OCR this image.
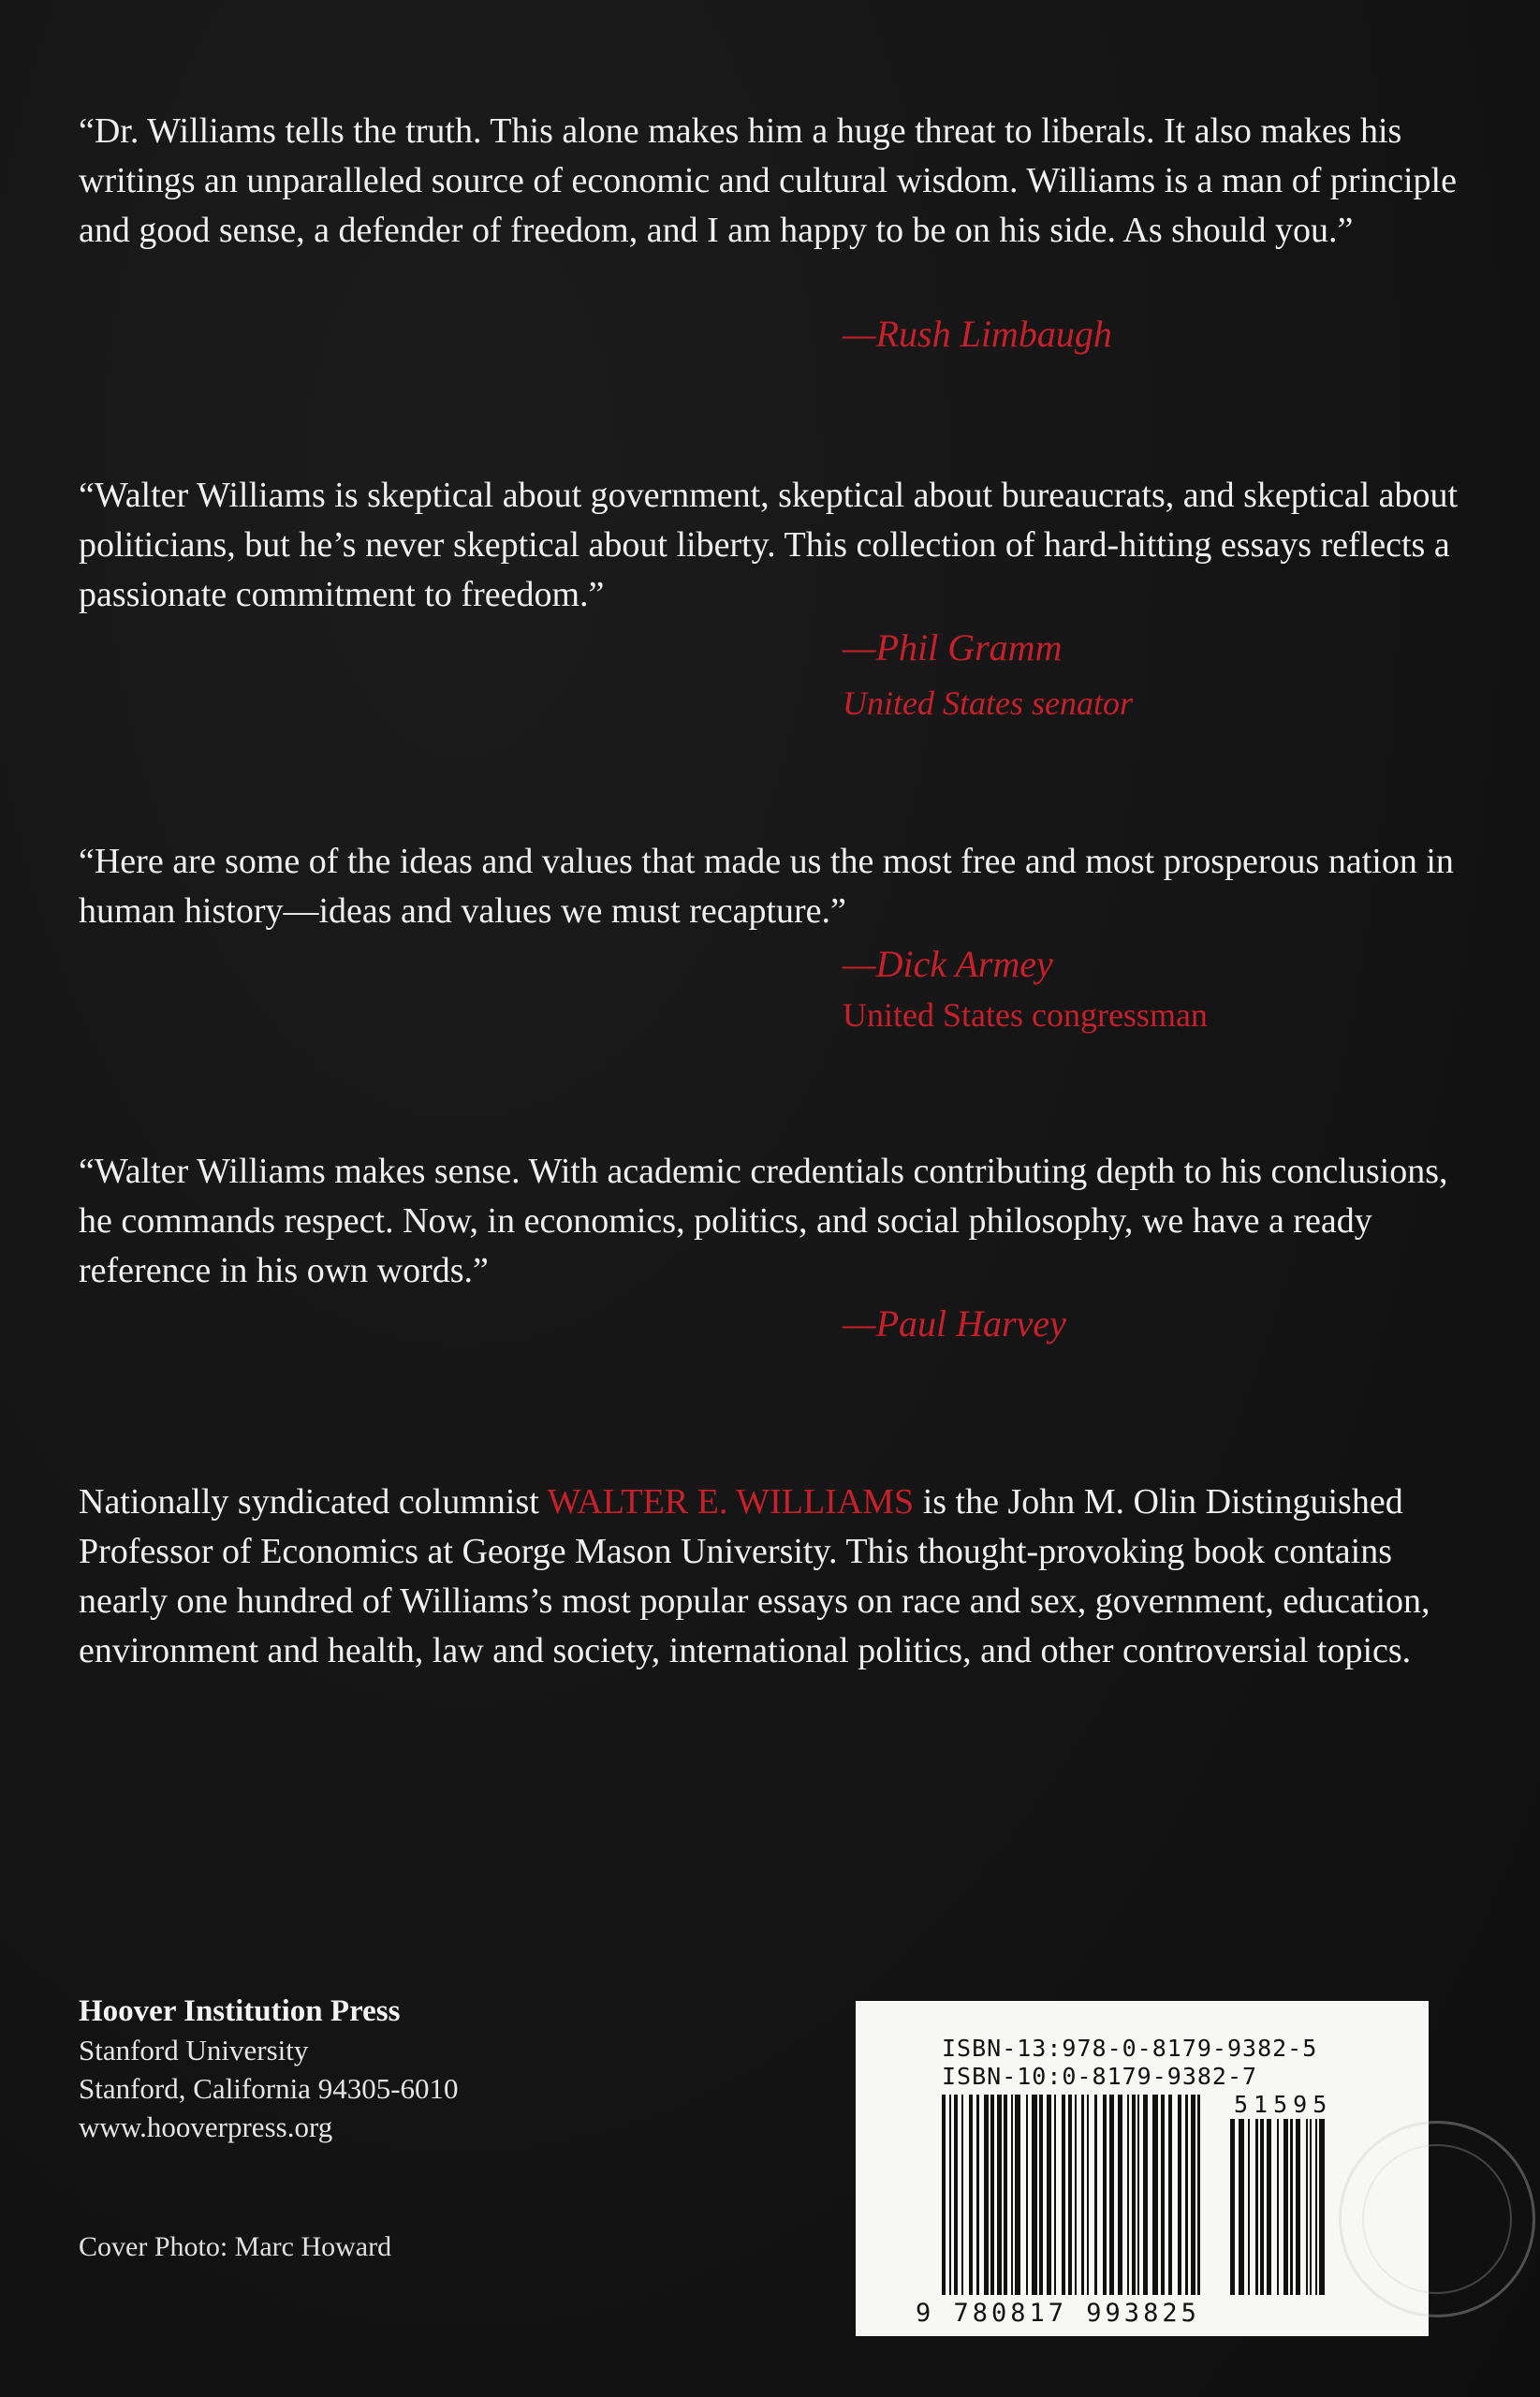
“Dr. Williams tells the truth. This alone makes him a huge threat to liberals. It also makes his writings an unparalleled source of economic and cultural wisdom. Williams is a man of principle and good sense, a defender of freedom, and I am happy to be on his side. As should you.”

—Rush Limbaugh

“Walter Williams is skeptical about government, skeptical about bureaucrats, and skeptical about politicians, but he’s never skeptical about liberty. This collection of hard-hitting essays reflects a passionate commitment to freedom.”

—Phil Gramm
United States senator

“Here are some of the ideas and values that made us the most free and most prosperous nation in human history—ideas and values we must recapture.”

—Dick Armey
United States congressman

“Walter Williams makes sense. With academic credentials contributing depth to his conclusions, he commands respect. Now, in economics, politics, and social philosophy, we have a ready reference in his own words.”

—Paul Harvey

Nationally syndicated columnist WALTER E. WILLIAMS is the John M. Olin Distinguished Professor of Economics at George Mason University. This thought-provoking book contains nearly one hundred of Williams’s most popular essays on race and sex, government, education, environment and health, law and society, international politics, and other controversial topics.

Hoover Institution Press
Stanford University
Stanford, California 94305-6010
www.hooverpress.org
Cover Photo: Marc Howard
ISBN-13:978-0-8179-9382-5
ISBN-10:0-8179-9382-7
51595
9 780817 993825
